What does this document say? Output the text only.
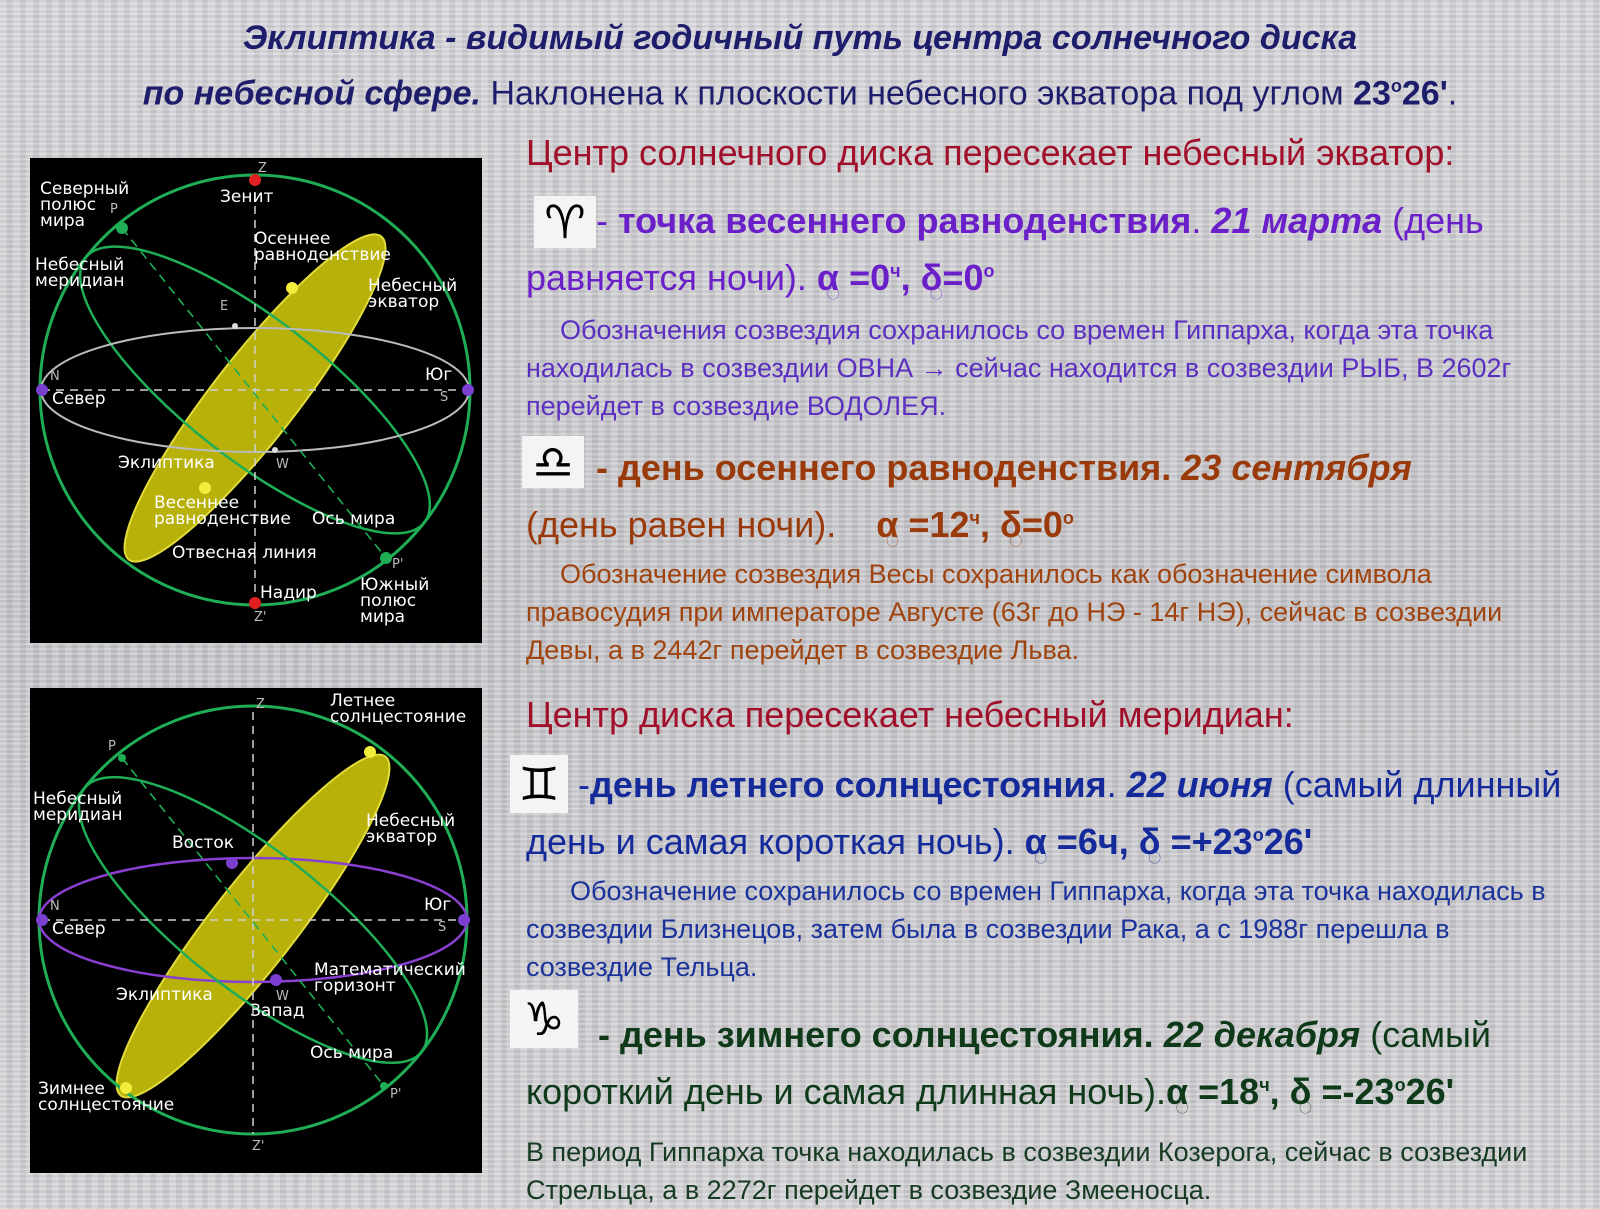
Эклиптика - видимый годичный путь центра солнечного диска
по небесной сфере. Наклонена к плоскости небесного экватора под углом 23$^o$26'.
Северный
полюс
мира
P
Z
Зенит
Небесный
меридиан
Осеннее
равноденствие
Небесный
экватор
E
N
Север
Юг
S
Эклиптика	W
Весеннее
равноденствие Ось мира
Отвесная линия
P'
Надир
Z'
Южный
полюс
мира
Z	Летнее
солнцестояние
P
Небесный
меридиан	Небесный
экватор
Восток
N
Север
Юг
S
Математический
горизонт
Эклиптика	W
Запад
Ось мира
Зимнее
солнцестояние
P'
Z'
Центр солнечного диска пересекает небесный экватор:
♈ - точка весеннего равноденствия. 21 марта (день равняется ночи). $\alpha =0^ч$, $\delta=0^o$
Обозначения созвездия сохранилось со времен Гиппарха, когда эта точка находилась в созвездии ОВНА → сейчас находится в созвездии РЫБ, В 2602г перейдет в созвездие ВОДОЛЕЯ.
♎ - день осеннего равноденствия. 23 сентября
(день равен ночи).    $\alpha =12^ч$, $\delta=0^o$
Обозначение созвездия Весы сохранилось как обозначение символа правосудия при императоре Августе (63г до НЭ - 14г НЭ), сейчас в созвездии Девы, а в 2442г перейдет в созвездие Льва.
Центр диска пересекает небесный меридиан:
♊ -день летнего солнцестояния. 22 июня (самый длинный день и самая короткая ночь). α =6ч, $\delta =+23^o26'$
Обозначение сохранилось со времен Гиппарха, когда эта точка находилась в созвездии Близнецов, затем была в созвездии Рака, а с 1988г перешла в созвездие Тельца.
♑ - день зимнего солнцестояния. 22 декабря (самый короткий день и самая длинная ночь).α $=18^ч$, $\delta =-23^o26'$
В период Гиппарха точка находилась в созвездии Козерога, сейчас в созвездии Стрельца, а в 2272г перейдет в созвездие Змееносца.
